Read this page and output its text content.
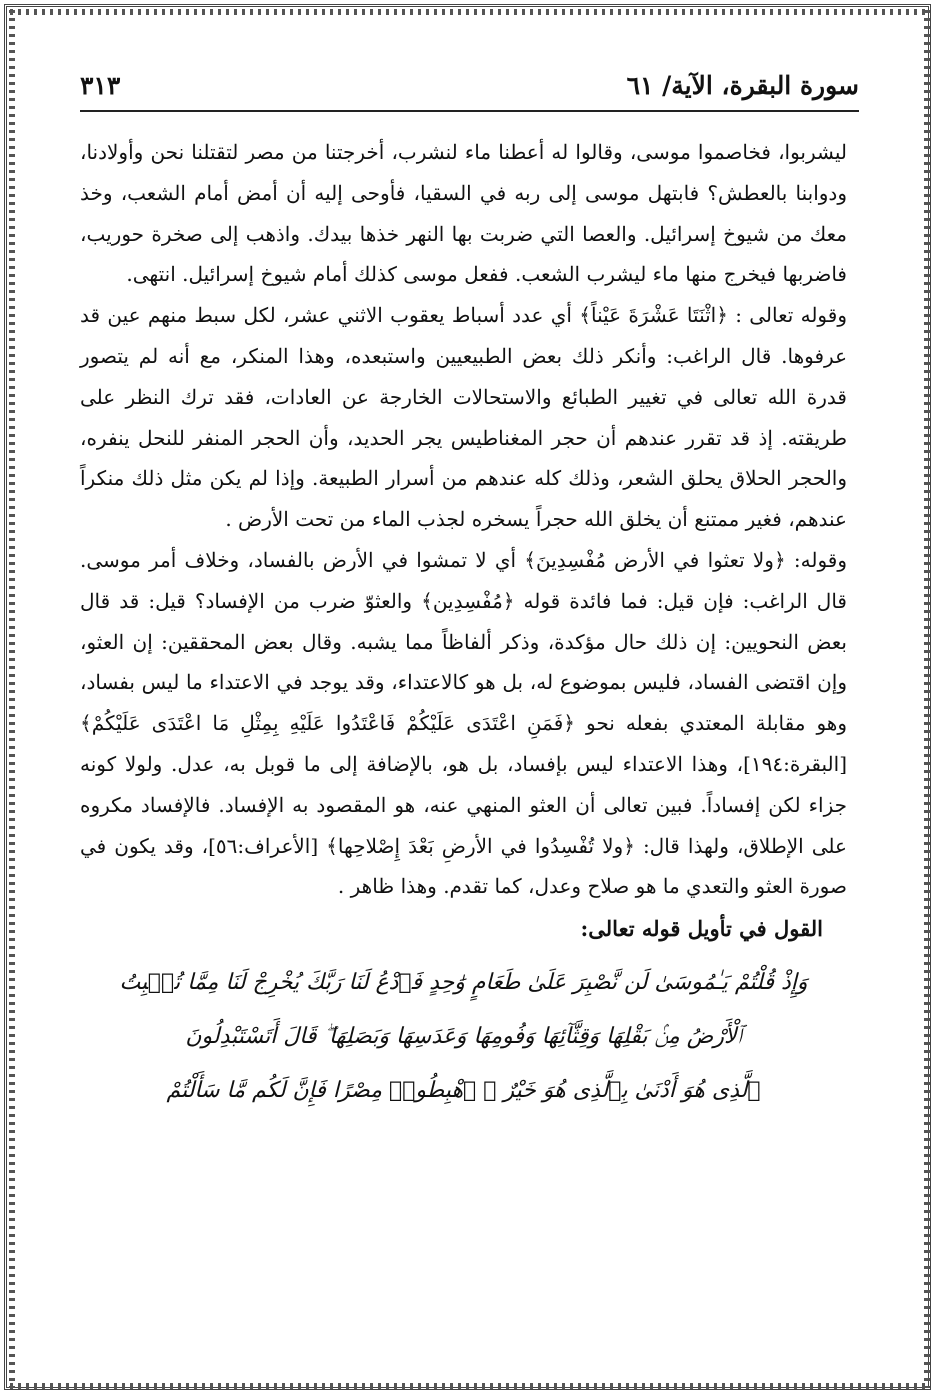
سورة البقرة، الآية/ ٦١
٣١٣

ليشربوا، فخاصموا موسى، وقالوا له أعطنا ماء لنشرب، أخرجتنا من مصر لتقتلنا نحن وأولادنا، ودوابنا بالعطش؟ فابتهل موسى إلى ربه في السقيا، فأوحى إليه أن أمض أمام الشعب، وخذ معك من شيوخ إسرائيل. والعصا التي ضربت بها النهر خذها بيدك. واذهب إلى صخرة حوريب، فاضربها فيخرج منها ماء ليشرب الشعب. ففعل موسى كذلك أمام شيوخ إسرائيل. انتهى.

وقوله تعالى : ﴿اثْنَتَا عَشْرَةَ عَيْناً﴾ أي عدد أسباط يعقوب الاثني عشر، لكل سبط منهم عين قد عرفوها. قال الراغب: وأنكر ذلك بعض الطبيعيين واستبعده، وهذا المنكر، مع أنه لم يتصور قدرة الله تعالى في تغيير الطبائع والاستحالات الخارجة عن العادات، فقد ترك النظر على طريقته. إذ قد تقرر عندهم أن حجر المغناطيس يجر الحديد، وأن الحجر المنفر للنحل ينفره، والحجر الحلاق يحلق الشعر، وذلك كله عندهم من أسرار الطبيعة. وإذا لم يكن مثل ذلك منكراً عندهم، فغير ممتنع أن يخلق الله حجراً يسخره لجذب الماء من تحت الأرض .

وقوله: ﴿ولا تعثوا في الأرض مُفْسِدِينَ﴾ أي لا تمشوا في الأرض بالفساد، وخلاف أمر موسى. قال الراغب: فإن قيل: فما فائدة قوله ﴿مُفْسِدِين﴾ والعثوّ ضرب من الإفساد؟ قيل: قد قال بعض النحويين: إن ذلك حال مؤكدة، وذكر ألفاظاً مما يشبه. وقال بعض المحققين: إن العثو، وإن اقتضى الفساد، فليس بموضوع له، بل هو كالاعتداء، وقد يوجد في الاعتداء ما ليس بفساد، وهو مقابلة المعتدي بفعله نحو ﴿فَمَنِ اعْتَدَى عَلَيْكُمْ فَاعْتَدُوا عَلَيْهِ بِمِثْلِ مَا اعْتَدَى عَلَيْكُمْ﴾ [البقرة:١٩٤]، وهذا الاعتداء ليس بإفساد، بل هو، بالإضافة إلى ما قوبل به، عدل. ولولا كونه جزاء لكن إفساداً. فبين تعالى أن العثو المنهي عنه، هو المقصود به الإفساد. فالإفساد مكروه على الإطلاق، ولهذا قال: ﴿ولا تُفْسِدُوا في الأرضِ بَعْدَ إِصْلاحِها﴾ [الأعراف:٥٦]، وقد يكون في صورة العثو والتعدي ما هو صلاح وعدل، كما تقدم. وهذا ظاهر .

القول في تأويل قوله تعالى:

وَإِذْ قُلْتُمْ يَـٰمُوسَىٰ لَن نَّصْبِرَ عَلَىٰ طَعَامٍ وَٰحِدٍ فَٱدْعُ لَنَا رَبَّكَ يُخْرِجْ لَنَا مِمَّا تُنۢبِتُ
ٱلْأَرْضُ مِنۢ بَقْلِهَا وَقِثَّآئِهَا وَفُومِهَا وَعَدَسِهَا وَبَصَلِهَا ۖ قَالَ أَتَسْتَبْدِلُونَ
ٱلَّذِى هُوَ أَدْنَىٰ بِٱلَّذِى هُوَ خَيْرٌ ۚ ٱهْبِطُوا۟ مِصْرًا فَإِنَّ لَكُم مَّا سَأَلْتُمْ
